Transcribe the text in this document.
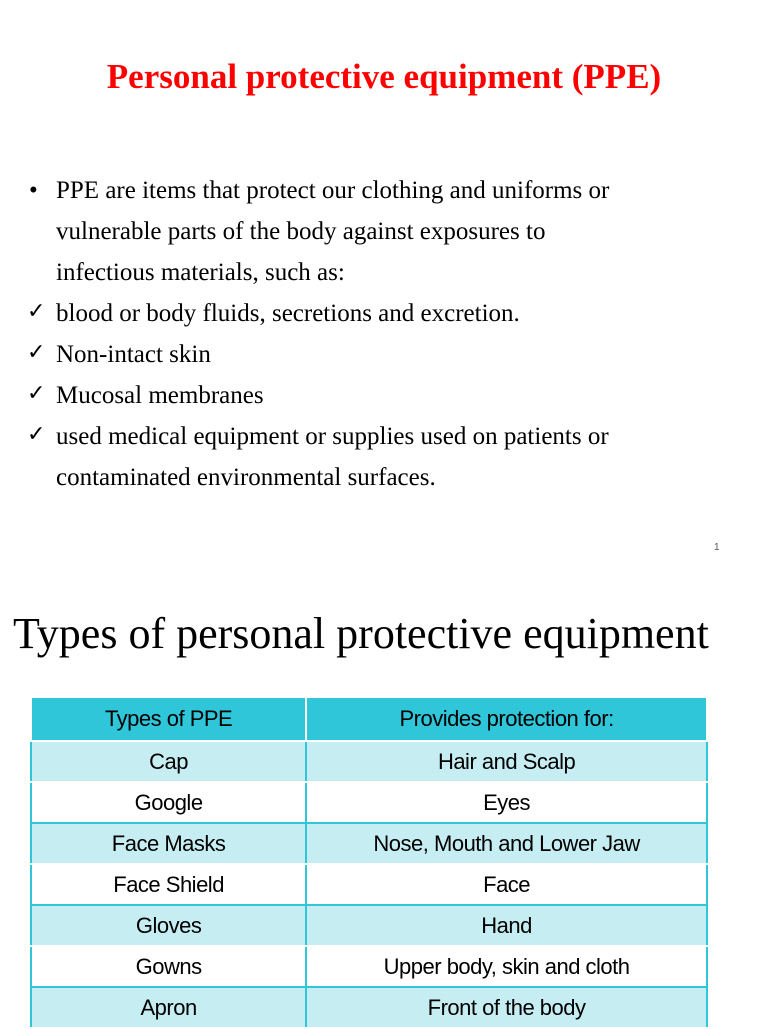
Personal protective equipment (PPE)
• PPE are items that protect our clothing and uniforms or
vulnerable parts of the body against exposures to
infectious materials, such as:
✓ blood or body fluids, secretions and excretion.
✓ Non-intact skin
✓ Mucosal membranes
✓ used medical equipment or supplies used on patients or
contaminated environmental surfaces.
1
Types of personal protective equipment
Types of PPE	Provides protection for:
Cap	Hair and Scalp
Google	Eyes
Face Masks	Nose, Mouth and Lower Jaw
Face Shield	Face
Gloves	Hand
Gowns	Upper body, skin and cloth
Apron	Front of the body
